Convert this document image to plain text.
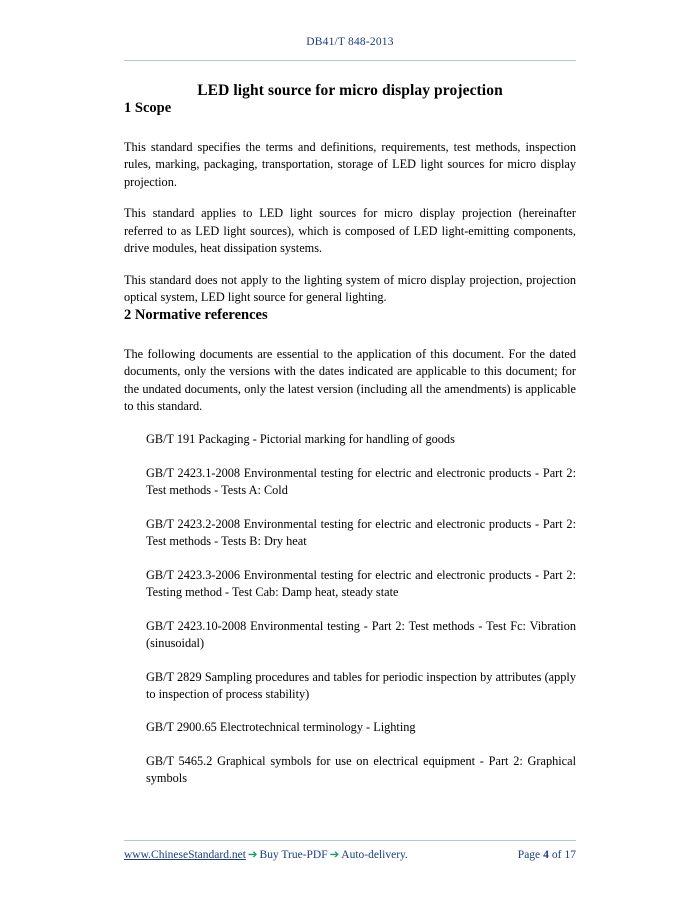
DB41/T 848-2013
LED light source for micro display projection
1 Scope

This standard specifies the terms and definitions, requirements, test methods, inspection rules, marking, packaging, transportation, storage of LED light sources for micro display projection.

This standard applies to LED light sources for micro display projection (hereinafter referred to as LED light sources), which is composed of LED light-emitting components, drive modules, heat dissipation systems.

This standard does not apply to the lighting system of micro display projection, projection optical system, LED light source for general lighting.

2 Normative references

The following documents are essential to the application of this document. For the dated documents, only the versions with the dates indicated are applicable to this document; for the undated documents, only the latest version (including all the amendments) is applicable to this standard.

GB/T 191 Packaging - Pictorial marking for handling of goods

GB/T 2423.1-2008 Environmental testing for electric and electronic products - Part 2: Test methods - Tests A: Cold

GB/T 2423.2-2008 Environmental testing for electric and electronic products - Part 2: Test methods - Tests B: Dry heat

GB/T 2423.3-2006 Environmental testing for electric and electronic products - Part 2: Testing method - Test Cab: Damp heat, steady state

GB/T 2423.10-2008 Environmental testing - Part 2: Test methods - Test Fc: Vibration (sinusoidal)

GB/T 2829 Sampling procedures and tables for periodic inspection by attributes (apply to inspection of process stability)

GB/T 2900.65 Electrotechnical terminology - Lighting

GB/T 5465.2 Graphical symbols for use on electrical equipment - Part 2: Graphical symbols

www.ChineseStandard.net ➔ Buy True-PDF ➔ Auto-delivery.	Page 4 of 17
